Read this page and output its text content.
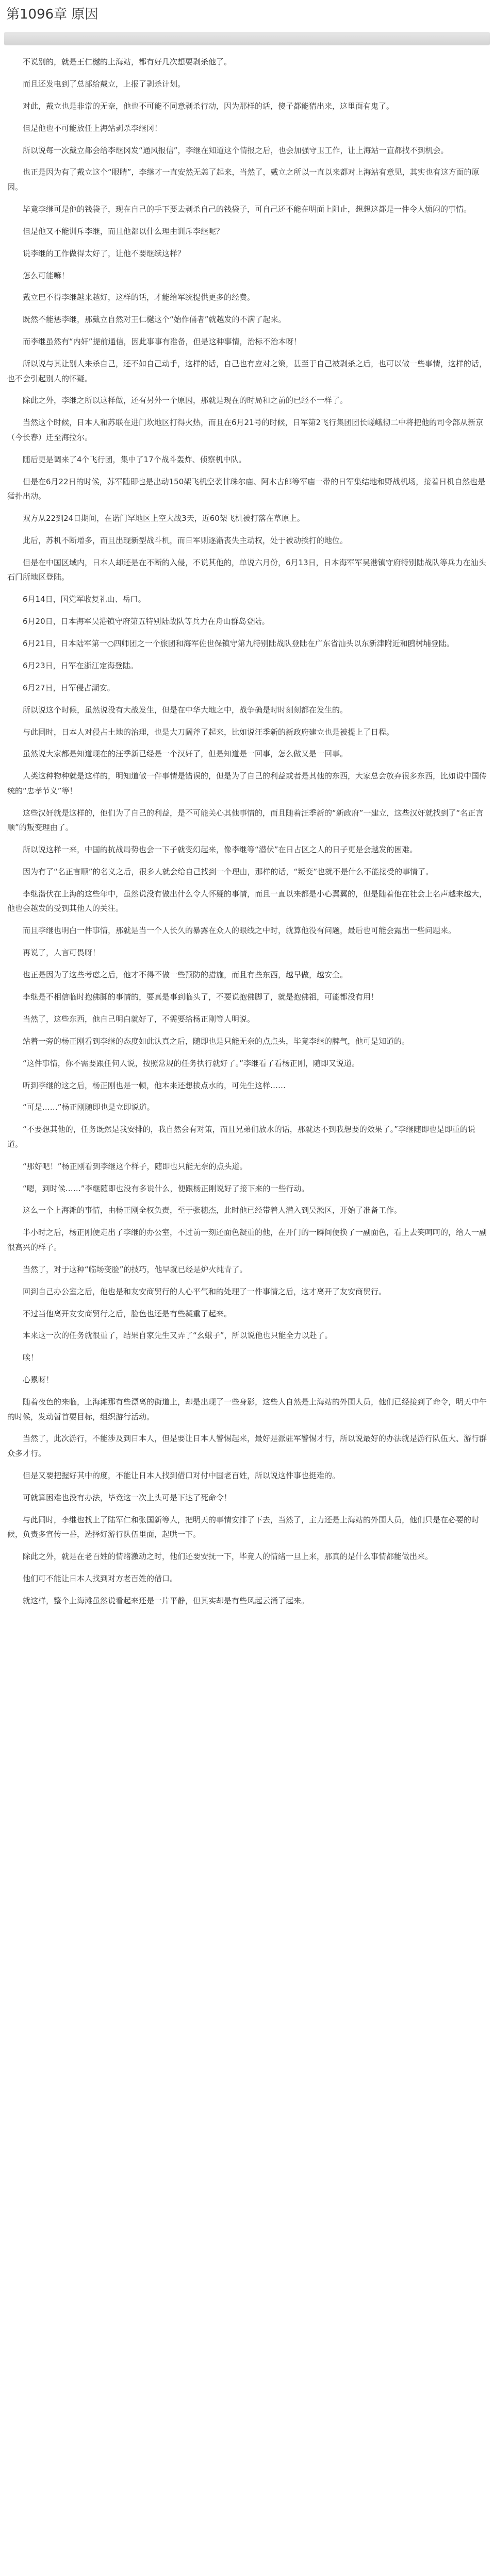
第1096章 原因

不说别的，就是王仁樾的上海站，都有好几次想要剥杀他了。

而且还发电到了总部给戴立，上报了剥杀计划。

对此，戴立也是非常的无奈，他也不可能不同意剥杀行动，因为那样的话，傻子都能猜出来，这里面有鬼了。

但是他也不可能放任上海站剥杀李继冈！

所以说每一次戴立都会给李继冈发“通风报信”，李继在知道这个情报之后，也会加强守卫工作，让上海站一直都找不到机会。

也正是因为有了戴立这个“眼睛”，李继才一直安然无恙了起来，当然了，戴立之所以一直以来都对上海站有意见，其实也有这方面的原因。

毕竟李继可是他的钱袋子，现在自己的手下要去剥杀自己的钱袋子，可自己还不能在明面上阻止，想想这都是一件令人烦闷的事情。

但是他又不能训斥李继，而且他都以什么理由训斥李继呢？

说李继的工作做得太好了，让他不要继续这样？

怎么可能嘛！

戴立巴不得李继越来越好，这样的话，才能给军统提供更多的经费。

既然不能惩李继，那戴立自然对王仁樾这个“始作俑者”就越发的不满了起来。

而李继虽然有“内奸”提前通信，因此事事有准备，但是这种事情，治标不治本呀！

所以说与其让别人来杀自己，还不如自己动手，这样的话，自己也有应对之策，甚至于自己被剥杀之后，也可以做一些事情，这样的话，也不会引起别人的怀疑。

除此之外，李继之所以这样做，还有另外一个原因，那就是现在的时局和之前的已经不一样了。

当然这个时候，日本人和苏联在进门坎地区打得火热，而且在6月21号的时候，日军第2飞行集团团长嵯峨彻二中将把他的司令部从新京（今长春）迁至海拉尔。

随后更是调来了4个飞行团，集中了17个战斗轰炸、侦察机中队。

但是在6月22日的时候，苏军随即也是出动150架飞机空袭甘珠尔庙、阿木古郎等军庙一带的日军集结地和野战机场，接着日机自然也是猛扑出动。

双方从22到24日期间，在诺门罕地区上空大战3天，近60架飞机被打落在草原上。

此后，苏机不断增多，而且出现新型战斗机，而日军则逐渐丧失主动权，处于被动挨打的地位。

但是在中国区域内，日本人却还是在不断的入侵，不说其他的，单说六月份，6月13日，日本海军军吴港镇守府特别陆战队等兵力在汕头石门所地区登陆。

6月14日，国党军收复礼山、岳口。

6月20日，日本海军吴港镇守府第五特别陆战队等兵力在舟山群岛登陆。

6月21日，日本陆军第一○四师团之一个旅团和海军佐世保镇守第九特别陆战队登陆在广东省汕头以东新津附近和鸥树埔登陆。

6月23日，日军在浙江定海登陆。

6月27日，日军侵占潮安。

所以说这个时候，虽然说没有大战发生，但是在中华大地之中，战争确是时时刻刻都在发生的。

与此同时，日本人对侵占土地的治理，也是大刀阔斧了起来，比如说汪季新的新政府建立也是被提上了日程。

虽然说大家都是知道现在的汪季新已经是一个汉奸了，但是知道是一回事，怎么做又是一回事。

人类这种物种就是这样的，明知道做一件事情是错误的，但是为了自己的利益或者是其他的东西，大家总会放弃很多东西，比如说中国传统的“忠孝节义”等！

这些汉奸就是这样的，他们为了自己的利益，是不可能关心其他事情的，而且随着汪季新的“新政府”一建立，这些汉奸就找到了“名正言顺”的叛变理由了。

所以说这样一来，中国的抗战局势也会一下子就变幻起来，像李继等“潜伏”在日占区之人的日子更是会越发的困难。

因为有了“名正言顺”的名义之后，很多人就会给自己找到一个理由，那样的话，“叛变”也就不是什么不能接受的事情了。

李继潜伏在上海的这些年中，虽然说没有做出什么令人怀疑的事情，而且一直以来都是小心翼翼的，但是随着他在社会上名声越来越大，他也会越发的受到其他人的关注。

而且李继也明白一件事情，那就是当一个人长久的暴露在众人的眼线之中时，就算他没有问题，最后也可能会露出一些问题来。

再说了，人言可畏呀！

也正是因为了这些考虑之后，他才不得不做一些预防的措施，而且有些东西，越早做，越安全。

李继是不相信临时抱佛脚的事情的，要真是事到临头了，不要说抱佛脚了，就是抱佛祖，可能都没有用！

当然了，这些东西，他自己明白就好了，不需要给杨正刚等人明说。

站着一旁的杨正刚看到李继的态度如此认真之后，随即也是只能无奈的点点头，毕竟李继的脾气，他可是知道的。

“这件事情，你不需要跟任何人说，按照常规的任务执行就好了。”李继看了看杨正刚，随即又说道。

听到李继的这之后，杨正刚也是一顿，他本来还想拔点水的，可先生这样……

“可是……”杨正刚随即也是立即说道。

“不要想其他的，任务既然是我安排的，我自然会有对策，而且兄弟们放水的话，那就达不到我想要的效果了。”李继随即也是即重的说道。

“那好吧！”杨正刚看到李继这个样子，随即也只能无奈的点头道。

“嗯，到时候……”李继随即也没有多说什么，便跟杨正刚说好了接下来的一些行动。

这么一个上海滩的事情，由杨正刚全权负责，至于张穗杰，此时他已经带着人潜入到吴淞区，开始了准备工作。

半小时之后，杨正刚便走出了李继的办公室，不过前一刻还面色凝重的他，在开门的一瞬间便换了一副面色，看上去笑呵呵的，给人一副很高兴的样子。

当然了，对于这种“临场变脸”的技巧，他早就已经是炉火纯青了。

回到自己办公室之后，他也是和友安商贸行的人心平气和的处理了一件事情之后，这才离开了友安商贸行。

不过当他离开友安商贸行之后，脸色也还是有些凝重了起来。

本来这一次的任务就很重了，结果自家先生又弄了“幺蛾子”，所以说他也只能全力以赴了。

唉！

心累呀！

随着夜色的来临，上海滩那有些漂离的街道上，却是出现了一些身影，这些人自然是上海站的外围人员，他们已经接到了命令，明天中午的时候，发动暂首要目标，组织游行活动。

当然了，此次游行，不能涉及到日本人，但是要让日本人警惕起来，最好是派驻军警惕才行，所以说最好的办法就是游行队伍大、游行群众多才行。

但是又要把握好其中的度，不能让日本人找到借口对付中国老百姓，所以说这件事也挺难的。

可就算困难也没有办法，毕竟这一次上头可是下达了死命令！

与此同时，李继也找上了陆军仁和张国新等人，把明天的事情安排了下去，当然了，主力还是上海站的外围人员，他们只是在必要的时候，负责多宣传一番，选择好游行队伍里面，起哄一下。

除此之外，就是在老百姓的情绪激动之时，他们还要安抚一下，毕竟人的情绪一旦上来，那真的是什么事情都能做出来。

他们可不能让日本人找到对方老百姓的借口。

就这样，整个上海滩虽然说看起来还是一片平静，但其实却是有些风起云涌了起来。
